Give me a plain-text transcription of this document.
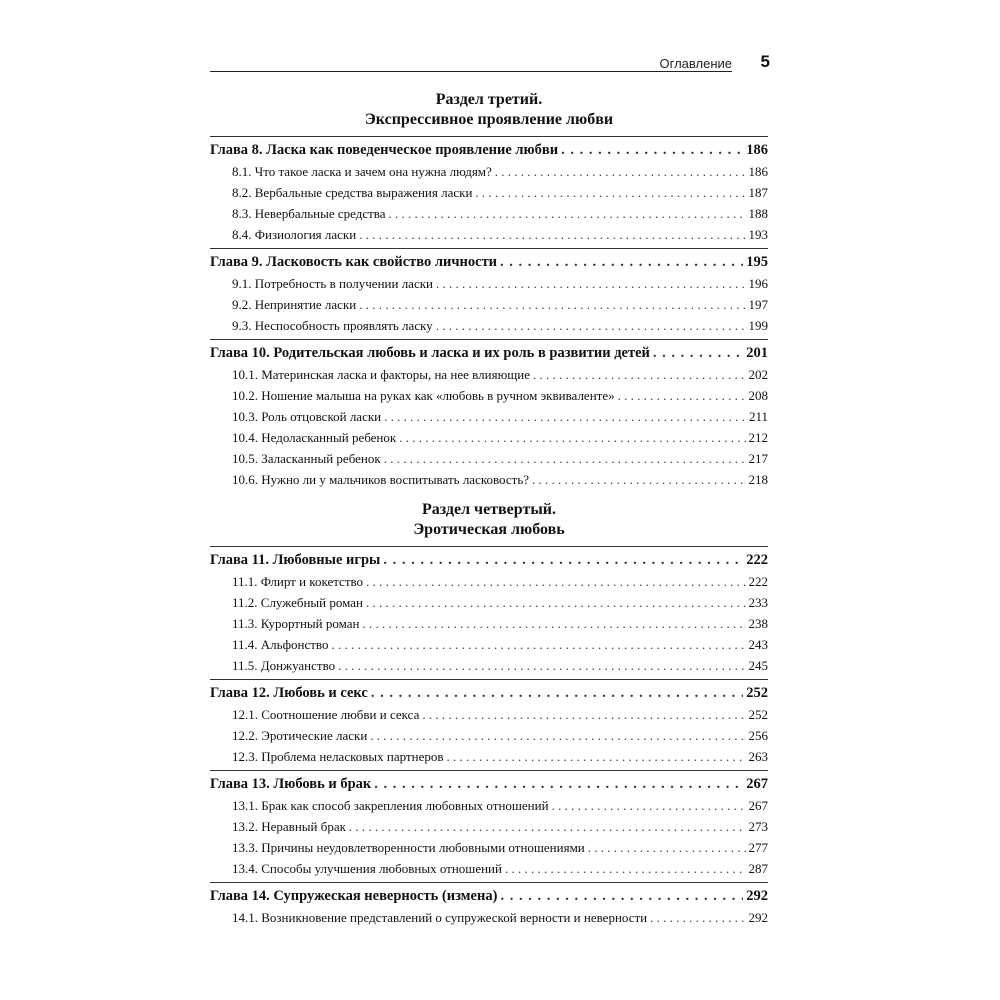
Оглавление 5
Раздел третий.
Экспрессивное проявление любви
Глава 8. Ласка как поведенческое проявление любви . . .	186
8.1. Что такое ласка и зачем она нужна людям? . . .	186
8.2. Вербальные средства выражения ласки . . .	187
8.3. Невербальные средства . . .	188
8.4. Физиология ласки . . .	193
Глава 9. Ласковость как свойство личности . . .	195
9.1. Потребность в получении ласки . . .	196
9.2. Непринятие ласки . . .	197
9.3. Неспособность проявлять ласку . . .	199
Глава 10. Родительская любовь и ласка и их роль в развитии детей . . .	201
10.1. Материнская ласка и факторы, на нее влияющие . . .	202
10.2. Ношение малыша на руках как «любовь в ручном эквиваленте» . . .	208
10.3. Роль отцовской ласки . . .	211
10.4. Недоласканный ребенок . . .	212
10.5. Заласканный ребенок . . .	217
10.6. Нужно ли у мальчиков воспитывать ласковость? . . .	218
Раздел четвертый.
Эротическая любовь
Глава 11. Любовные игры . . .	222
11.1. Флирт и кокетство . . .	222
11.2. Служебный роман . . .	233
11.3. Курортный роман . . .	238
11.4. Альфонство . . .	243
11.5. Донжуанство . . .	245
Глава 12. Любовь и секс . . .	252
12.1. Соотношение любви и секса . . .	252
12.2. Эротические ласки . . .	256
12.3. Проблема неласковых партнеров . . .	263
Глава 13. Любовь и брак . . .	267
13.1. Брак как способ закрепления любовных отношений . . .	267
13.2. Неравный брак . . .	273
13.3. Причины неудовлетворенности любовными отношениями . . .	277
13.4. Способы улучшения любовных отношений . . .	287
Глава 14. Супружеская неверность (измена) . . .	292
14.1. Возникновение представлений о супружеской верности и неверности . . .	292
